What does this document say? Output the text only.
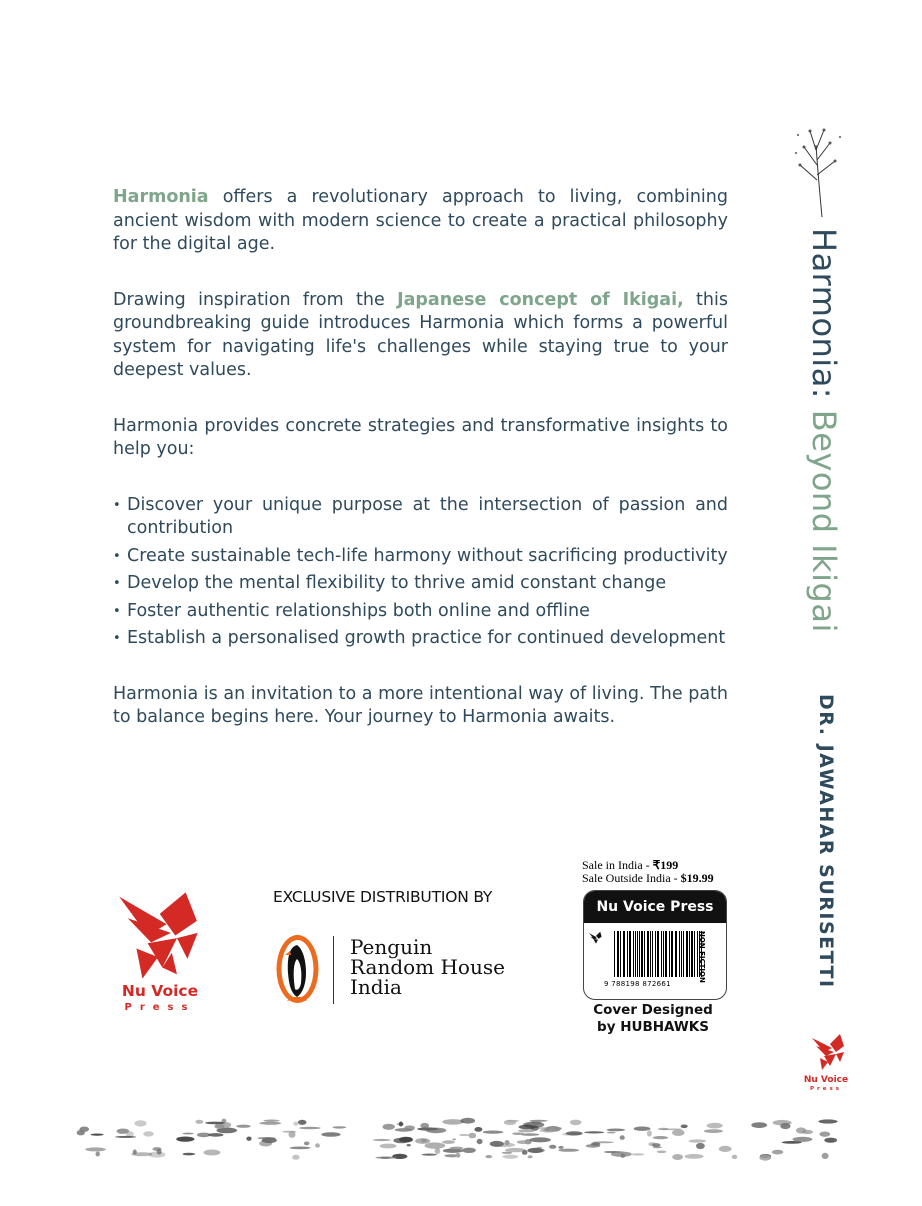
Harmonia offers a revolutionary approach to living, combining ancient wisdom with modern science to create a practical philosophy for the digital age.

Drawing inspiration from the Japanese concept of Ikigai, this groundbreaking guide introduces Harmonia which forms a powerful system for navigating life's challenges while staying true to your deepest values.

Harmonia provides concrete strategies and transformative insights to help you:

• Discover your unique purpose at the intersection of passion and contribution
• Create sustainable tech-life harmony without sacrificing productivity
• Develop the mental flexibility to thrive amid constant change
• Foster authentic relationships both online and offline
• Establish a personalised growth practice for continued development

Harmonia is an invitation to a more intentional way of living. The path to balance begins here. Your journey to Harmonia awaits.

Harmonia: Beyond Ikigai
DR. JAWAHAR SURISETTI
Nu Voice
Press
Nu Voice
Press
EXCLUSIVE DISTRIBUTION BY
Penguin
Random House
India
Sale in India - ₹199
Sale Outside India - $19.99
Nu Voice Press
9 788198 872661
NON FICTION
Cover Designed
by HUBHAWKS
